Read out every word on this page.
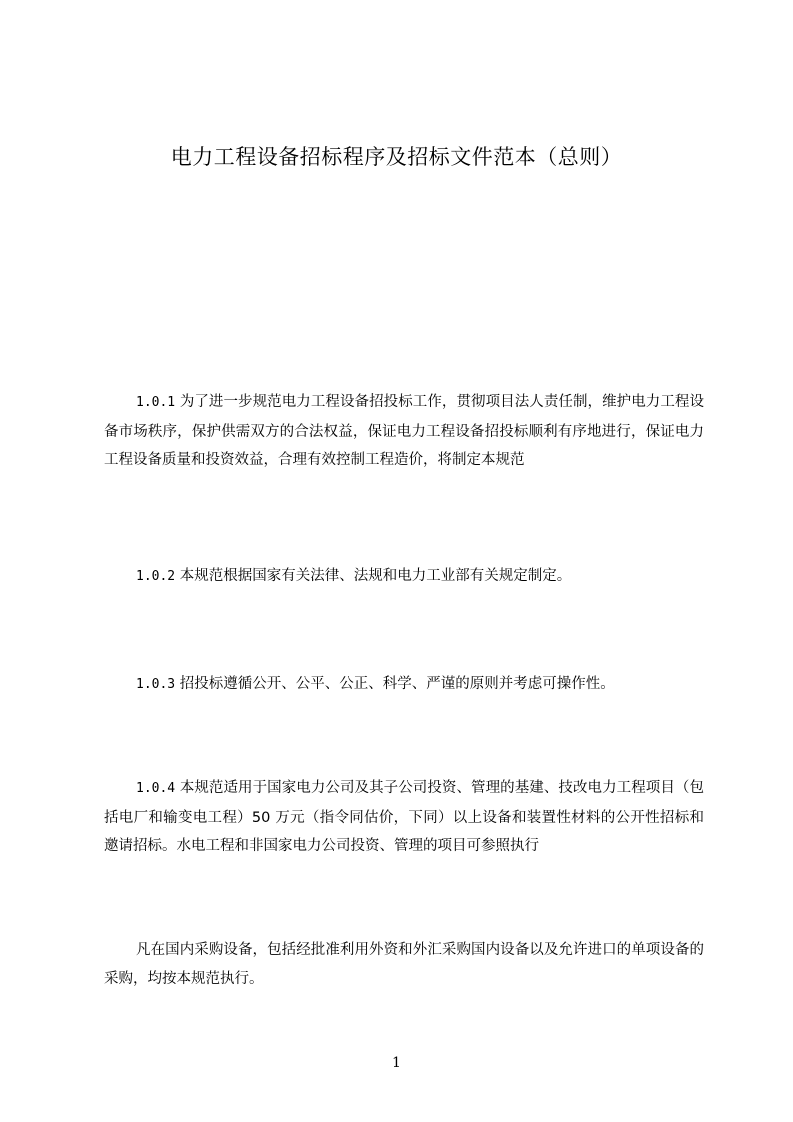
电力工程设备招标程序及招标文件范本（总则）

1.0.1 为了进一步规范电力工程设备招投标工作，贯彻项目法人责任制，维护电力工程设备市场秩序，保护供需双方的合法权益，保证电力工程设备招投标顺利有序地进行，保证电力工程设备质量和投资效益，合理有效控制工程造价，将制定本规范

1.0.2 本规范根据国家有关法律、法规和电力工业部有关规定制定。

1.0.3 招投标遵循公开、公平、公正、科学、严谨的原则并考虑可操作性。

1.0.4 本规范适用于国家电力公司及其子公司投资、管理的基建、技改电力工程项目（包括电厂和输变电工程）50 万元（指令同估价，下同）以上设备和装置性材料的公开性招标和邀请招标。水电工程和非国家电力公司投资、管理的项目可参照执行

凡在国内采购设备，包括经批准利用外资和外汇采购国内设备以及允许进口的单项设备的采购，均按本规范执行。

1
